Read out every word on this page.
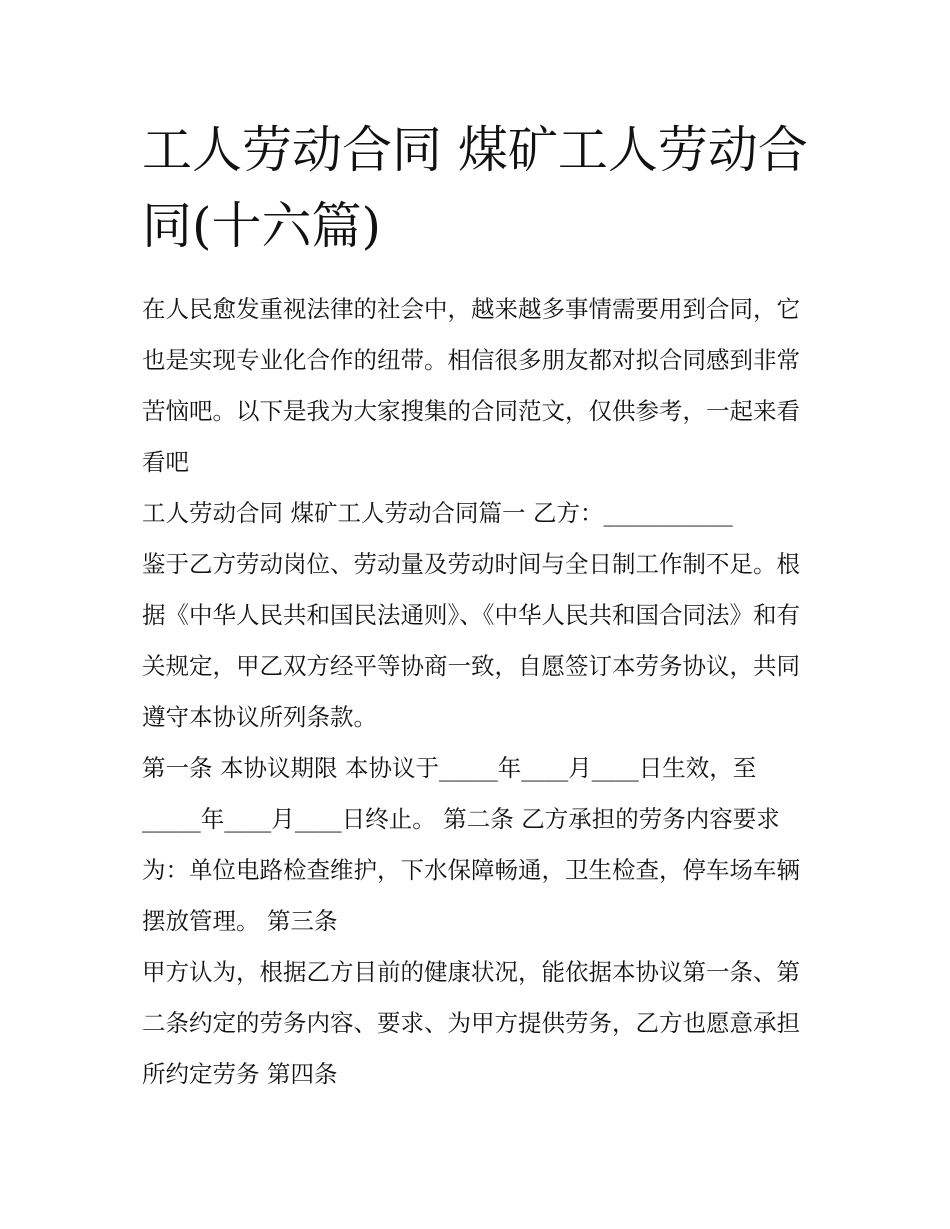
工人劳动合同 煤矿工人劳动合同(十六篇)

在人民愈发重视法律的社会中，越来越多事情需要用到合同，它也是实现专业化合作的纽带。相信很多朋友都对拟合同感到非常苦恼吧。以下是我为大家搜集的合同范文，仅供参考，一起来看看吧

工人劳动合同 煤矿工人劳动合同篇一 乙方：___________

鉴于乙方劳动岗位、劳动量及劳动时间与全日制工作制不足。根据《中华人民共和国民法通则》、《中华人民共和国合同法》和有关规定，甲乙双方经平等协商一致，自愿签订本劳务协议，共同遵守本协议所列条款。

第一条 本协议期限 本协议于_____年____月____日生效，至_____年____月____日终止。 第二条 乙方承担的劳务内容要求为：单位电路检查维护，下水保障畅通，卫生检查，停车场车辆摆放管理。 第三条

甲方认为，根据乙方目前的健康状况，能依据本协议第一条、第二条约定的劳务内容、要求、为甲方提供劳务，乙方也愿意承担所约定劳务 第四条
